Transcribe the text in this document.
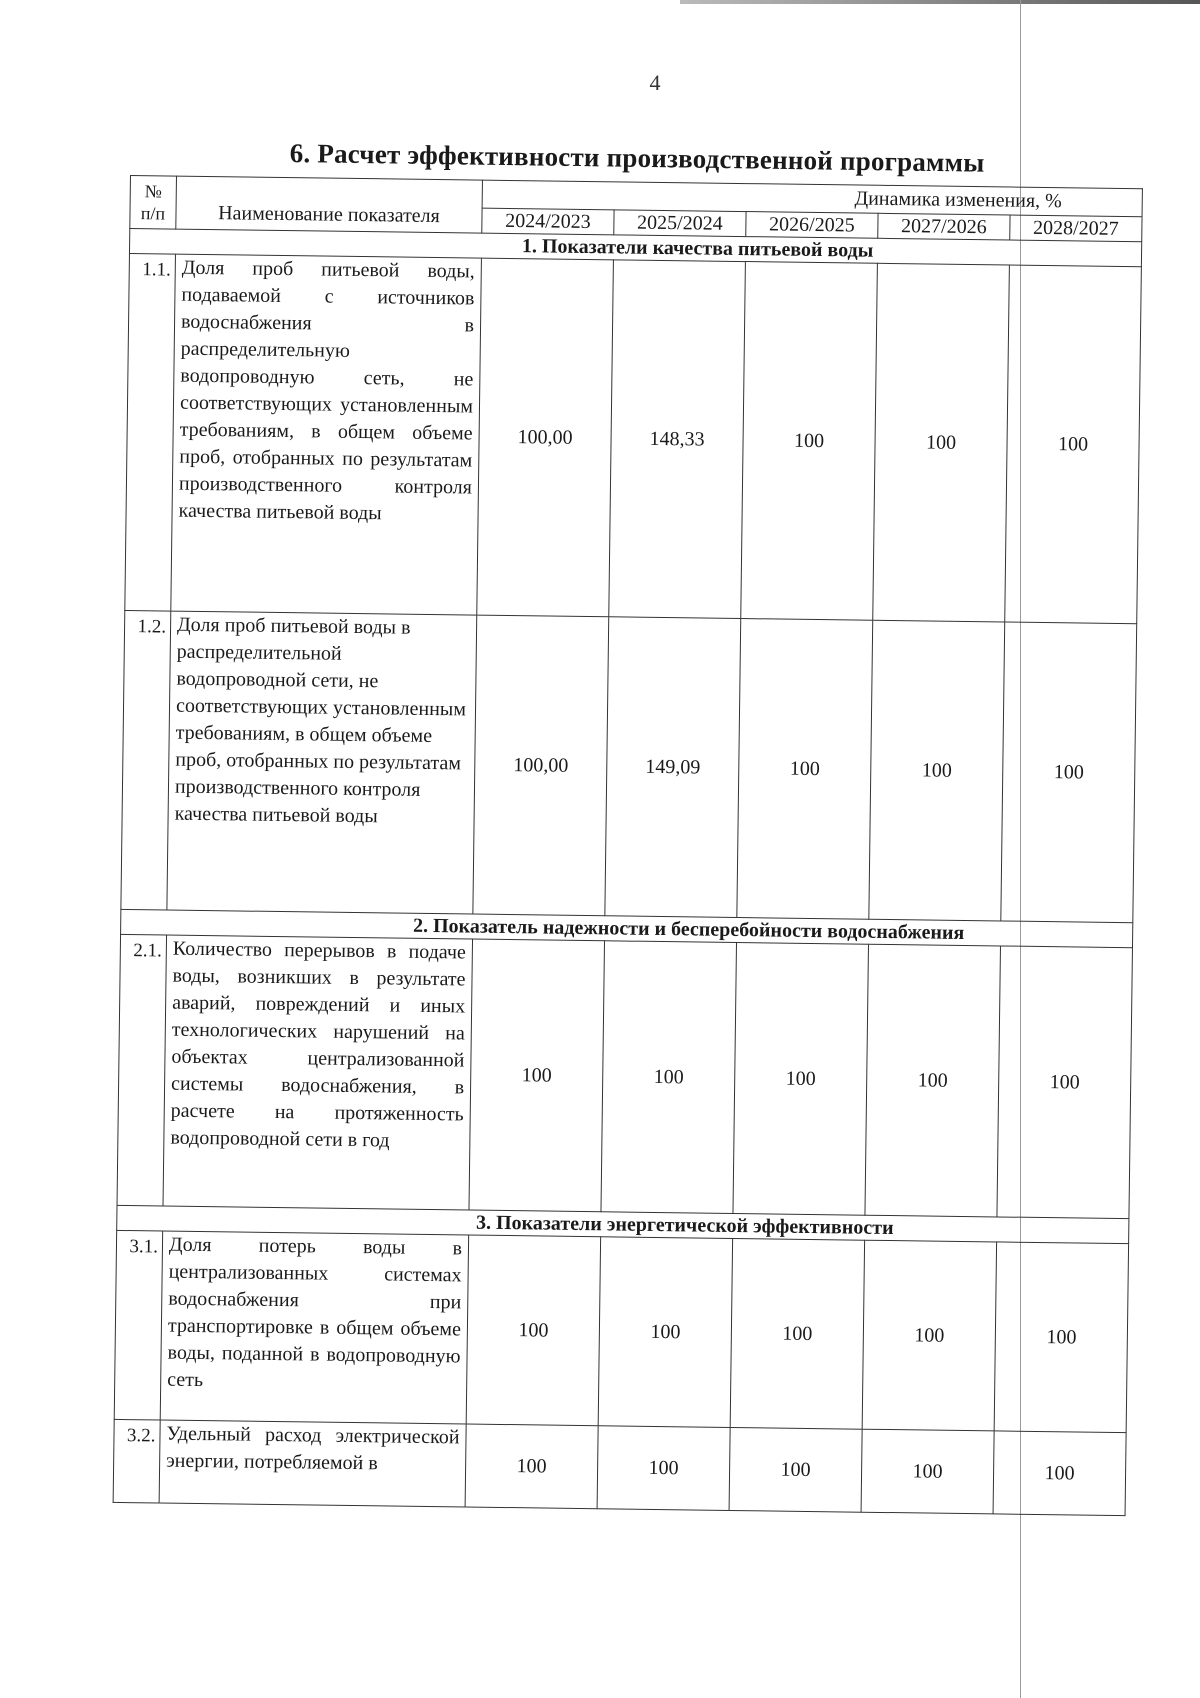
4
6. Расчет эффективности производственной программы
№ п/п	Наименование показателя	Динамика изменения, %				
		2024/2023	2025/2024	2026/2025	2027/2026	2028/2027
1. Показатели качества питьевой воды						
1.1.	Доля проб питьевой воды, подаваемой с источников водоснабжения в распределительную водопроводную сеть, не соответствующих установленным требованиям, в общем объеме проб, отобранных по результатам производственного контроля качества питьевой воды	100,00	148,33	100	100	100
1.2.	Доля проб питьевой воды в распределительной водопроводной сети, не соответствующих установленным требованиям, в общем объеме проб, отобранных по результатам производственного контроля качества питьевой воды	100,00	149,09	100	100	100
2. Показатель надежности и бесперебойности водоснабжения						
2.1.	Количество перерывов в подаче воды, возникших в результате аварий, повреждений и иных технологических нарушений на объектах централизованной системы водоснабжения, в расчете на протяженность водопроводной сети в год	100	100	100	100	100
3. Показатели энергетической эффективности						
3.1.	Доля потерь воды в централизованных системах водоснабжения при транспортировке в общем объеме воды, поданной в водопроводную сеть	100	100	100	100	100
3.2.	Удельный расход электрической энергии, потребляемой в	100	100	100	100	100
